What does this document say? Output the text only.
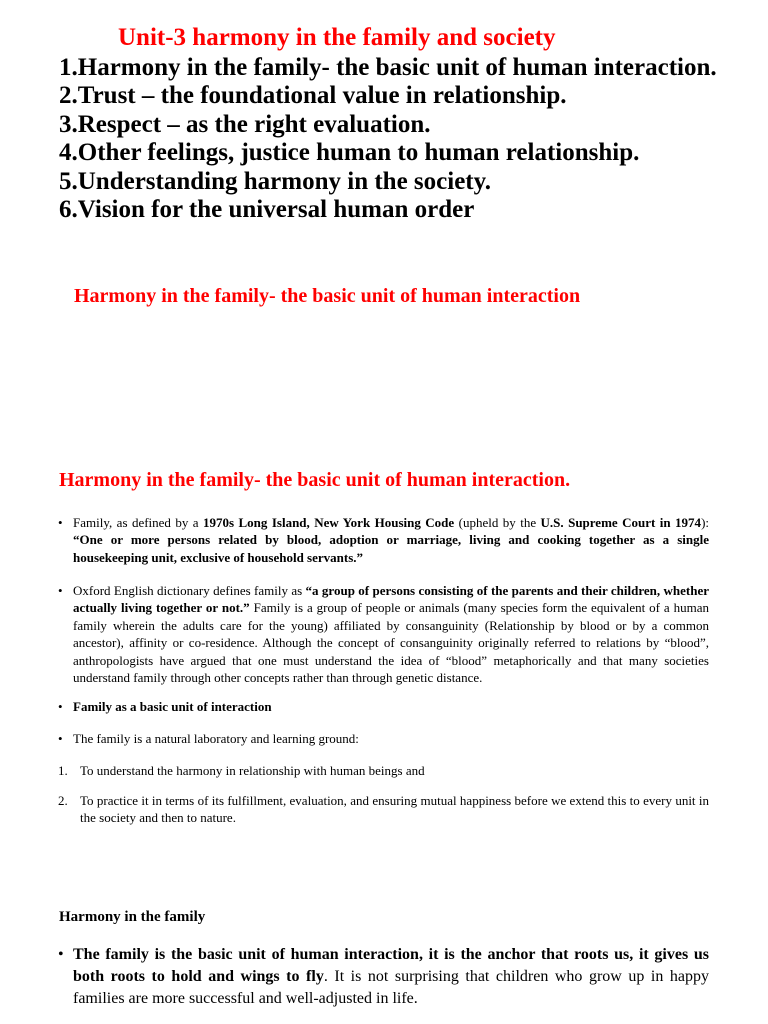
Unit-3 harmony in the family and society
1.Harmony in the family- the basic unit of human interaction.
2.Trust – the foundational value in relationship.
3.Respect – as the right evaluation.
4.Other feelings, justice human to human relationship.
5.Understanding harmony in the society.
6.Vision for the universal human order
Harmony in the family- the basic unit of human interaction
Harmony in the family- the basic unit of human interaction.
• Family, as defined by a 1970s Long Island, New York Housing Code (upheld by the U.S. Supreme Court in 1974): “One or more persons related by blood, adoption or marriage, living and cooking together as a single housekeeping unit, exclusive of household servants.”
• Oxford English dictionary defines family as “a group of persons consisting of the parents and their children, whether actually living together or not.” Family is a group of people or animals (many species form the equivalent of a human family wherein the adults care for the young) affiliated by consanguinity (Relationship by blood or by a common ancestor), affinity or co-residence. Although the concept of consanguinity originally referred to relations by “blood”, anthropologists have argued that one must understand the idea of “blood” metaphorically and that many societies understand family through other concepts rather than through genetic distance.
• Family as a basic unit of interaction
• The family is a natural laboratory and learning ground:
1. To understand the harmony in relationship with human beings and
2. To practice it in terms of its fulfillment, evaluation, and ensuring mutual happiness before we extend this to every unit in the society and then to nature.
Harmony in the family
• The family is the basic unit of human interaction, it is the anchor that roots us, it gives us both roots to hold and wings to fly. It is not surprising that children who grow up in happy families are more successful and well-adjusted in life.
